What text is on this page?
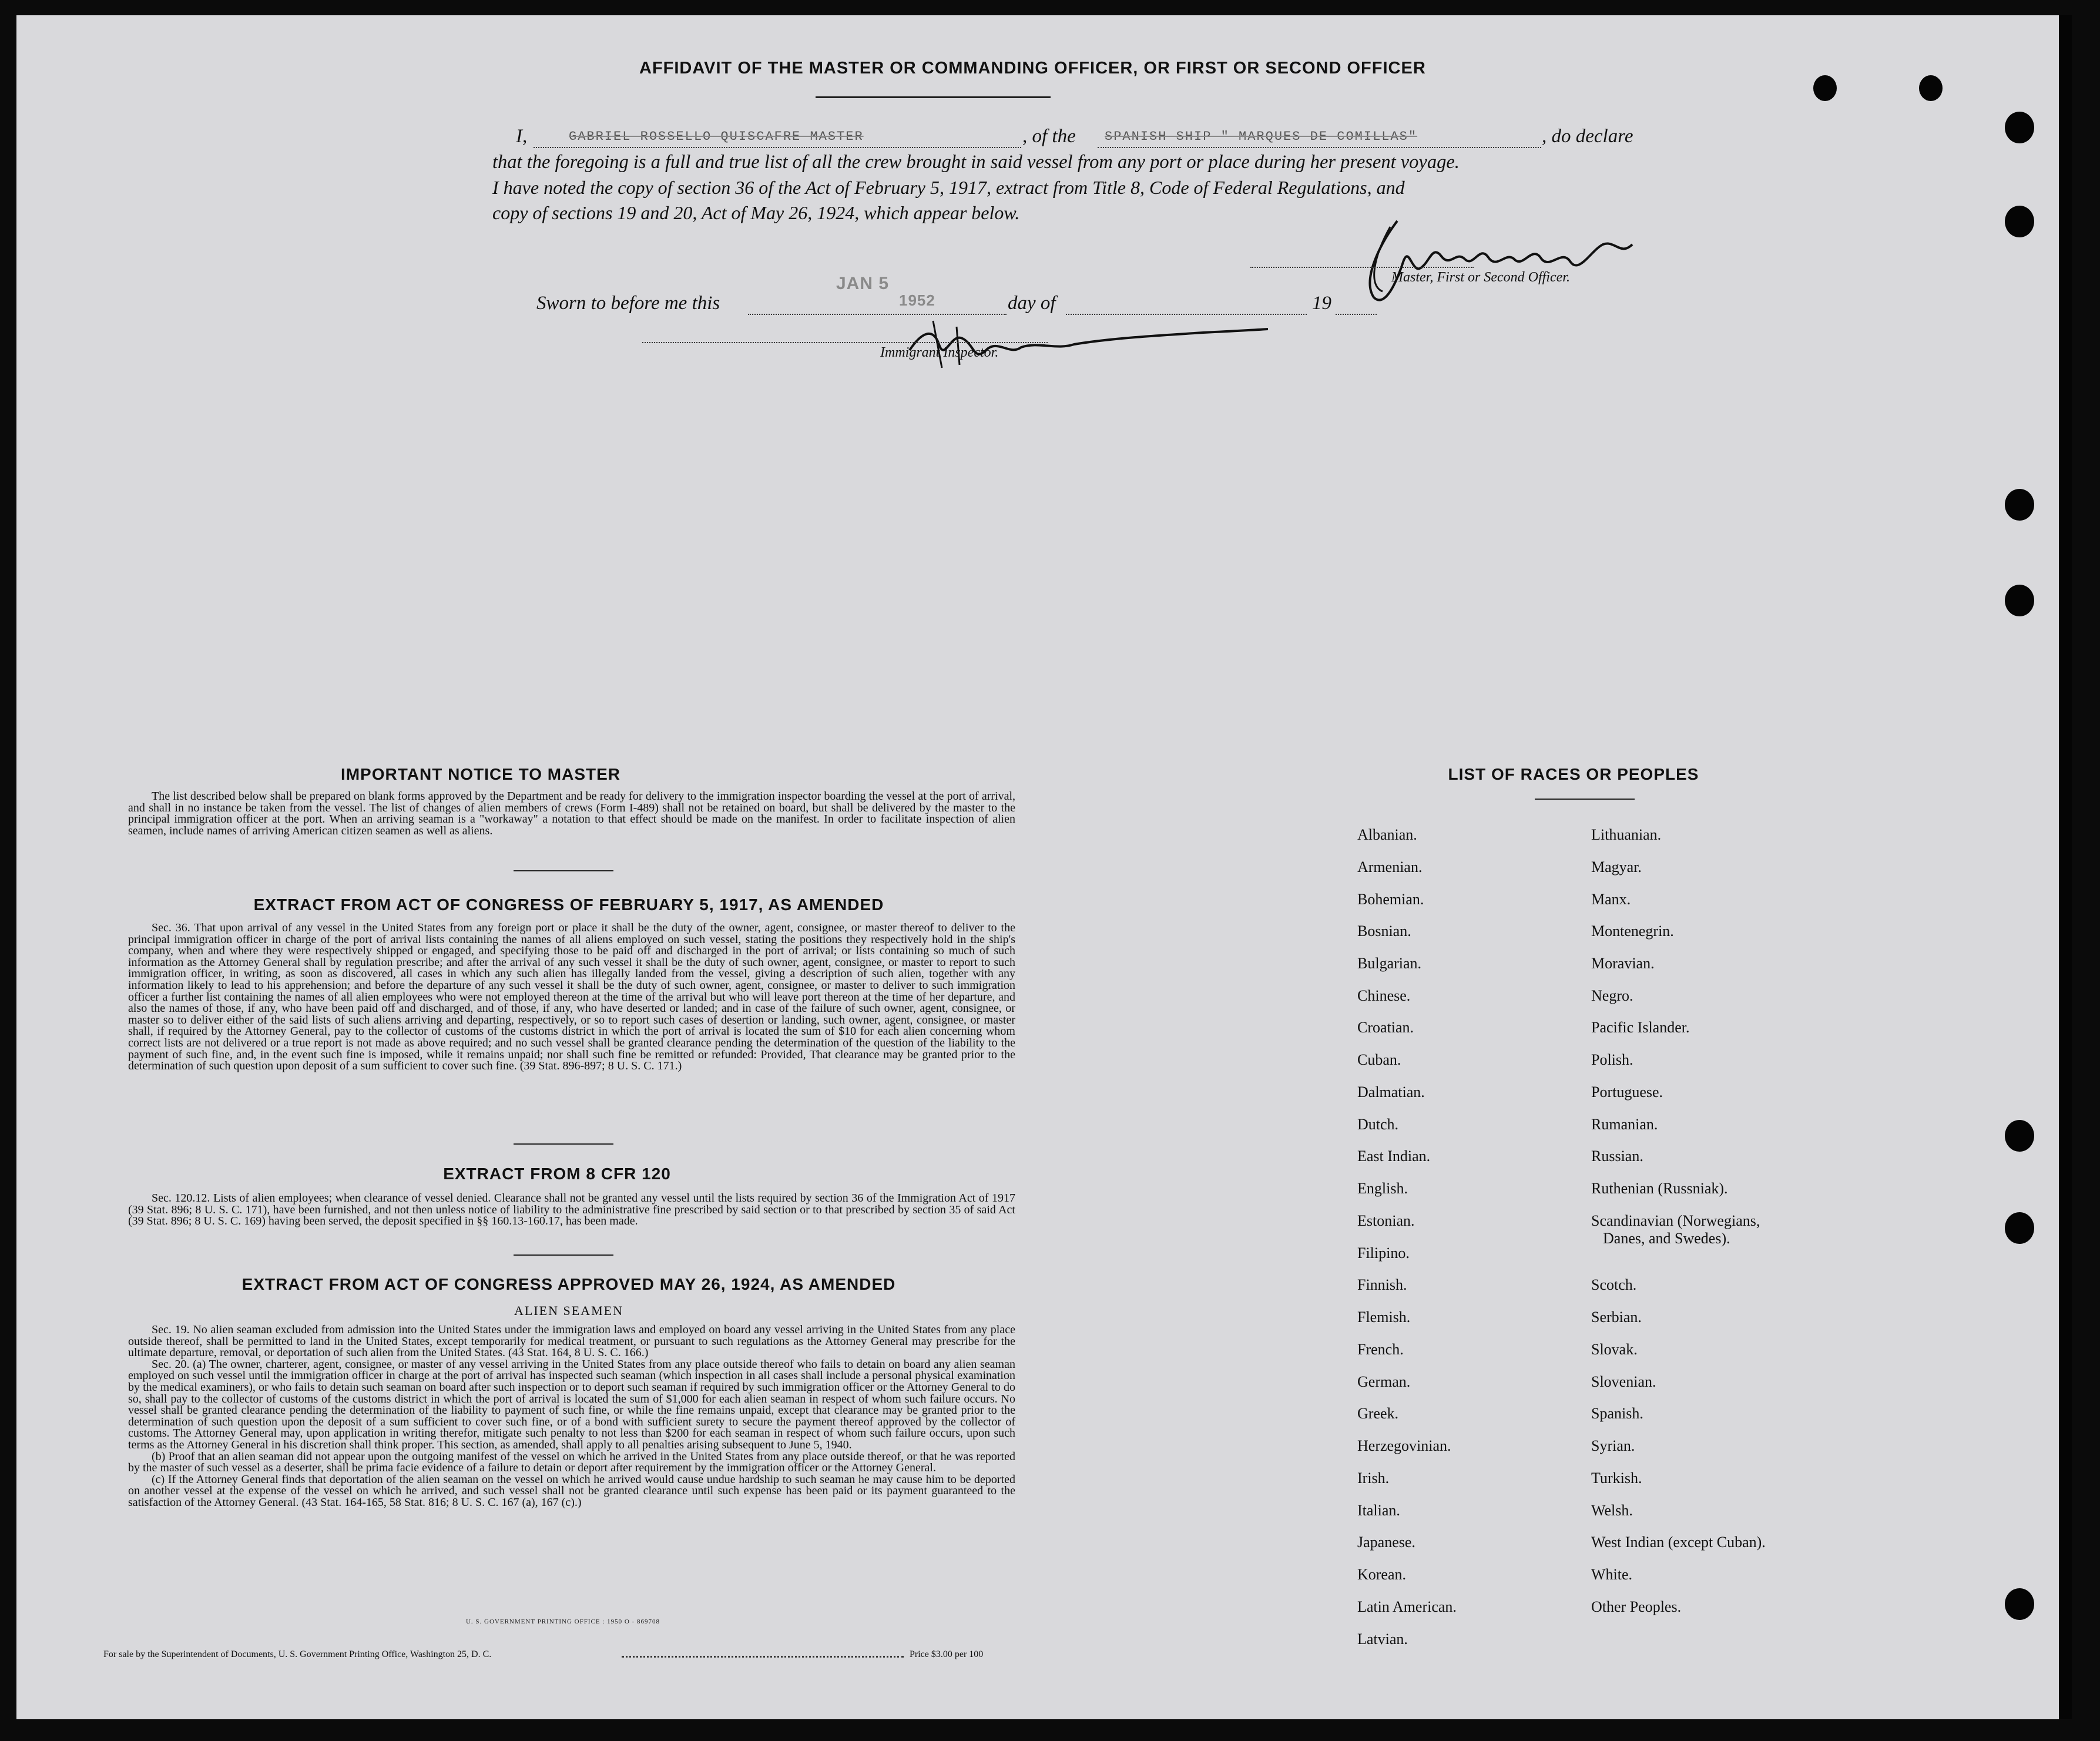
AFFIDAVIT OF THE MASTER OR COMMANDING OFFICER, OR FIRST OR SECOND OFFICER
I,	GABRIEL ROSSELLO QUISCAFRE MASTER	, of the SPANISH SHIP " MARQUES DE COMILLAS"	, do declare
that the foregoing is a full and true list of all the crew brought in said vessel from any port or place during her present voyage.
I have noted the copy of section 36 of the Act of February 5, 1917, extract from Title 8, Code of Federal Regulations, and
copy of sections 19 and 20, Act of May 26, 1924, which appear below.
Master, First or Second Officer.
Sworn to before me this
JAN 5
1952	day of	19
Immigrant Inspector.
IMPORTANT NOTICE TO MASTER

The list described below shall be prepared on blank forms approved by the Department and be ready for delivery to the immigration inspector boarding the vessel at the port of arrival, and shall in no instance be taken from the vessel. The list of changes of alien members of crews (Form I-489) shall not be retained on board, but shall be delivered by the master to the principal immigration officer at the port. When an arriving seaman is a "workaway" a notation to that effect should be made on the manifest. In order to facilitate inspection of alien seamen, include names of arriving American citizen seamen as well as aliens.

EXTRACT FROM ACT OF CONGRESS OF FEBRUARY 5, 1917, AS AMENDED

Sec. 36. That upon arrival of any vessel in the United States from any foreign port or place it shall be the duty of the owner, agent, consignee, or master thereof to deliver to the principal immigration officer in charge of the port of arrival lists containing the names of all aliens employed on such vessel, stating the positions they respectively hold in the ship's company, when and where they were respectively shipped or engaged, and specifying those to be paid off and discharged in the port of arrival; or lists containing so much of such information as the Attorney General shall by regulation prescribe; and after the arrival of any such vessel it shall be the duty of such owner, agent, consignee, or master to report to such immigration officer, in writing, as soon as discovered, all cases in which any such alien has illegally landed from the vessel, giving a description of such alien, together with any information likely to lead to his apprehension; and before the departure of any such vessel it shall be the duty of such owner, agent, consignee, or master to deliver to such immigration officer a further list containing the names of all alien employees who were not employed thereon at the time of the arrival but who will leave port thereon at the time of her departure, and also the names of those, if any, who have been paid off and discharged, and of those, if any, who have deserted or landed; and in case of the failure of such owner, agent, consignee, or master so to deliver either of the said lists of such aliens arriving and departing, respectively, or so to report such cases of desertion or landing, such owner, agent, consignee, or master shall, if required by the Attorney General, pay to the collector of customs of the customs district in which the port of arrival is located the sum of $10 for each alien concerning whom correct lists are not delivered or a true report is not made as above required; and no such vessel shall be granted clearance pending the determination of the question of the liability to the payment of such fine, and, in the event such fine is imposed, while it remains unpaid; nor shall such fine be remitted or refunded: Provided, That clearance may be granted prior to the determination of such question upon deposit of a sum sufficient to cover such fine. (39 Stat. 896-897; 8 U. S. C. 171.)

EXTRACT FROM 8 CFR 120

Sec. 120.12. Lists of alien employees; when clearance of vessel denied. Clearance shall not be granted any vessel until the lists required by section 36 of the Immigration Act of 1917 (39 Stat. 896; 8 U. S. C. 171), have been furnished, and not then unless notice of liability to the administrative fine prescribed by said section or to that prescribed by section 35 of said Act (39 Stat. 896; 8 U. S. C. 169) having been served, the deposit specified in §§ 160.13-160.17, has been made.

EXTRACT FROM ACT OF CONGRESS APPROVED MAY 26, 1924, AS AMENDED
ALIEN SEAMEN

Sec. 19. No alien seaman excluded from admission into the United States under the immigration laws and employed on board any vessel arriving in the United States from any place outside thereof, shall be permitted to land in the United States, except temporarily for medical treatment, or pursuant to such regulations as the Attorney General may prescribe for the ultimate departure, removal, or deportation of such alien from the United States. (43 Stat. 164, 8 U. S. C. 166.)

Sec. 20. (a) The owner, charterer, agent, consignee, or master of any vessel arriving in the United States from any place outside thereof who fails to detain on board any alien seaman employed on such vessel until the immigration officer in charge at the port of arrival has inspected such seaman (which inspection in all cases shall include a personal physical examination by the medical examiners), or who fails to detain such seaman on board after such inspection or to deport such seaman if required by such immigration officer or the Attorney General to do so, shall pay to the collector of customs of the customs district in which the port of arrival is located the sum of $1,000 for each alien seaman in respect of whom such failure occurs. No vessel shall be granted clearance pending the determination of the liability to payment of such fine, or while the fine remains unpaid, except that clearance may be granted prior to the determination of such question upon the deposit of a sum sufficient to cover such fine, or of a bond with sufficient surety to secure the payment thereof approved by the collector of customs. The Attorney General may, upon application in writing therefor, mitigate such penalty to not less than $200 for each seaman in respect of whom such failure occurs, upon such terms as the Attorney General in his discretion shall think proper. This section, as amended, shall apply to all penalties arising subsequent to June 5, 1940.

(b) Proof that an alien seaman did not appear upon the outgoing manifest of the vessel on which he arrived in the United States from any place outside thereof, or that he was reported by the master of such vessel as a deserter, shall be prima facie evidence of a failure to detain or deport after requirement by the immigration officer or the Attorney General.

(c) If the Attorney General finds that deportation of the alien seaman on the vessel on which he arrived would cause undue hardship to such seaman he may cause him to be deported on another vessel at the expense of the vessel on which he arrived, and such vessel shall not be granted clearance until such expense has been paid or its payment guaranteed to the satisfaction of the Attorney General. (43 Stat. 164-165, 58 Stat. 816; 8 U. S. C. 167 (a), 167 (c).)

U. S. GOVERNMENT PRINTING OFFICE : 1950 O - 869708
For sale by the Superintendent of Documents, U. S. Government Printing Office, Washington 25, D. C.	Price $3.00 per 100
LIST OF RACES OR PEOPLES
Albanian.
Armenian.
Bohemian.
Bosnian.
Bulgarian.
Chinese.
Croatian.
Cuban.
Dalmatian.
Dutch.
East Indian.
English.
Estonian.
Filipino.
Finnish.
Flemish.
French.
German.
Greek.
Herzegovinian.
Irish.
Italian.
Japanese.
Korean.
Latin American.
Latvian.
Lithuanian.
Magyar.
Manx.
Montenegrin.
Moravian.
Negro.
Pacific Islander.
Polish.
Portuguese.
Rumanian.
Russian.
Ruthenian (Russniak).
Scandinavian (Norwegians,
Danes, and Swedes).
Scotch.
Serbian.
Slovak.
Slovenian.
Spanish.
Syrian.
Turkish.
Welsh.
West Indian (except Cuban).
White.
Other Peoples.
